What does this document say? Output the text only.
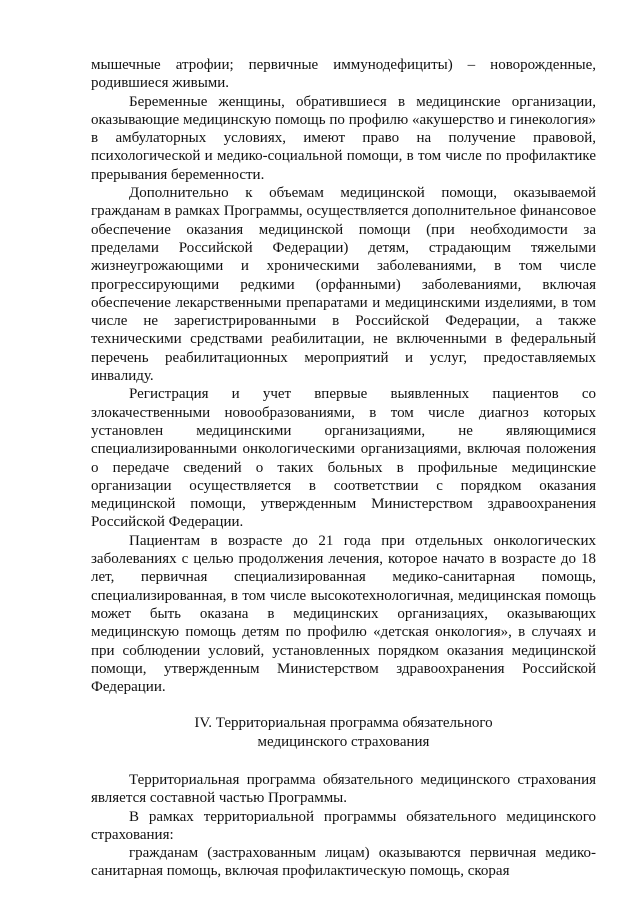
мышечные атрофии; первичные иммунодефициты) – новорожденные, родившиеся живыми.

Беременные женщины, обратившиеся в медицинские организации, оказывающие медицинскую помощь по профилю «акушерство и гинекология» в амбулаторных условиях, имеют право на получение правовой, психологической и медико-социальной помощи, в том числе по профилактике прерывания беременности.

Дополнительно к объемам медицинской помощи, оказываемой гражданам в рамках Программы, осуществляется дополнительное финансовое обеспечение оказания медицинской помощи (при необходимости за пределами Российской Федерации) детям, страдающим тяжелыми жизнеугрожающими и хроническими заболеваниями, в том числе прогрессирующими редкими (орфанными) заболеваниями, включая обеспечение лекарственными препаратами и медицинскими изделиями, в том числе не зарегистрированными в Российской Федерации, а также техническими средствами реабилитации, не включенными в федеральный перечень реабилитационных мероприятий и услуг, предоставляемых инвалиду.

Регистрация и учет впервые выявленных пациентов со злокачественными новообразованиями, в том числе диагноз которых установлен медицинскими организациями, не являющимися специализированными онкологическими организациями, включая положения о передаче сведений о таких больных в профильные медицинские организации осуществляется в соответствии с порядком оказания медицинской помощи, утвержденным Министерством здравоохранения Российской Федерации.

Пациентам в возрасте до 21 года при отдельных онкологических заболеваниях с целью продолжения лечения, которое начато в возрасте до 18 лет, первичная специализированная медико-санитарная помощь, специализированная, в том числе высокотехнологичная, медицинская помощь может быть оказана в медицинских организациях, оказывающих медицинскую помощь детям по профилю «детская онкология», в случаях и при соблюдении условий, установленных порядком оказания медицинской помощи, утвержденным Министерством здравоохранения Российской Федерации.

IV. Территориальная программа обязательного

медицинского страхования

Территориальная программа обязательного медицинского страхования является составной частью Программы.

В рамках территориальной программы обязательного медицинского страхования:

гражданам (застрахованным лицам) оказываются первичная медико-санитарная помощь, включая профилактическую помощь, скорая
